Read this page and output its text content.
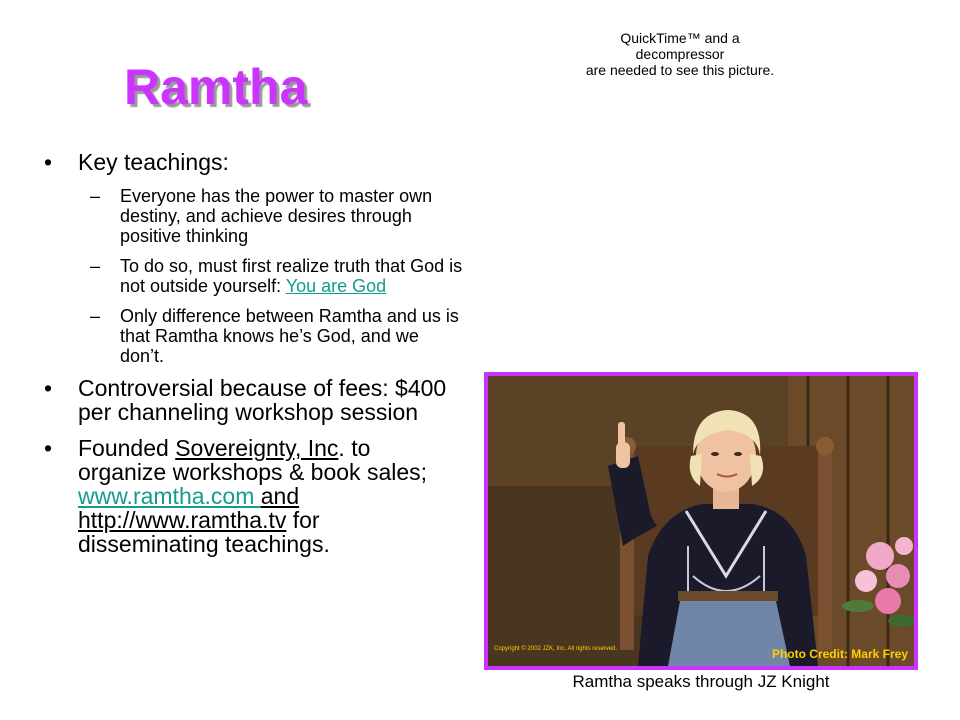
Ramtha
QuickTime™ and a
decompressor
are needed to see this picture.
• Key teachings:
– Everyone has the power to master own destiny, and achieve desires through positive thinking
– To do so, must first realize truth that God is not outside yourself: You are God
– Only difference between Ramtha and us is that Ramtha knows he’s God, and we don’t.
• Controversial because of fees: $400 per channeling workshop session
• Founded Sovereignty, Inc. to organize workshops & book sales; www.ramtha.com and http://www.ramtha.tv for disseminating teachings.
Copyright © 2002 JZK, Inc. All rights reserved.	Photo Credit: Mark Frey
Ramtha speaks through JZ Knight
